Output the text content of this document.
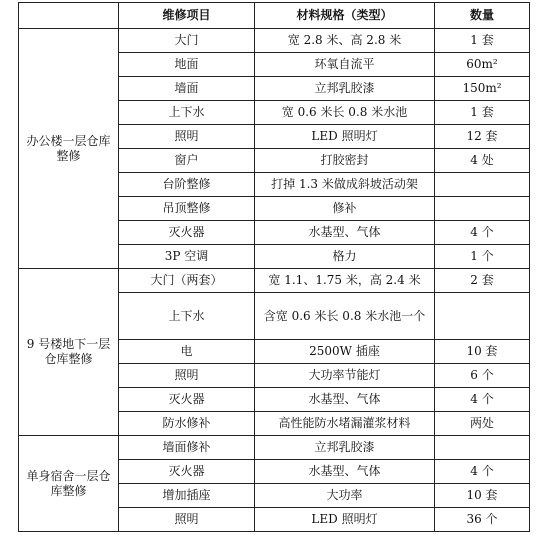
	维修项目	材料规格（类型）	数量
办公楼一层仓库整修	大门	宽 2.8 米、高 2.8 米	1 套
	地面	环氧自流平	60m²
	墙面	立邦乳胶漆	150m²
	上下水	宽 0.6 米长 0.8 米水池	1 套
	照明	LED 照明灯	12 套
	窗户	打胶密封	4 处
	台阶整修	打掉 1.3 米做成斜坡活动架	
	吊顶整修	修补	
	灭火器	水基型、气体	4 个
	3P 空调	格力	1 个
9 号楼地下一层仓库整修	大门（两套）	宽 1.1、1.75 米，高 2.4 米	2 套
	上下水	含宽 0.6 米长 0.8 米水池一个	
	电	2500W 插座	10 套
	照明	大功率节能灯	6 个
	灭火器	水基型、气体	4 个
	防水修补	高性能防水堵漏灌浆材料	两处
单身宿舍一层仓库整修	墙面修补	立邦乳胶漆	
	灭火器	水基型、气体	4 个
	增加插座	大功率	10 套
	照明	LED 照明灯	36 个
